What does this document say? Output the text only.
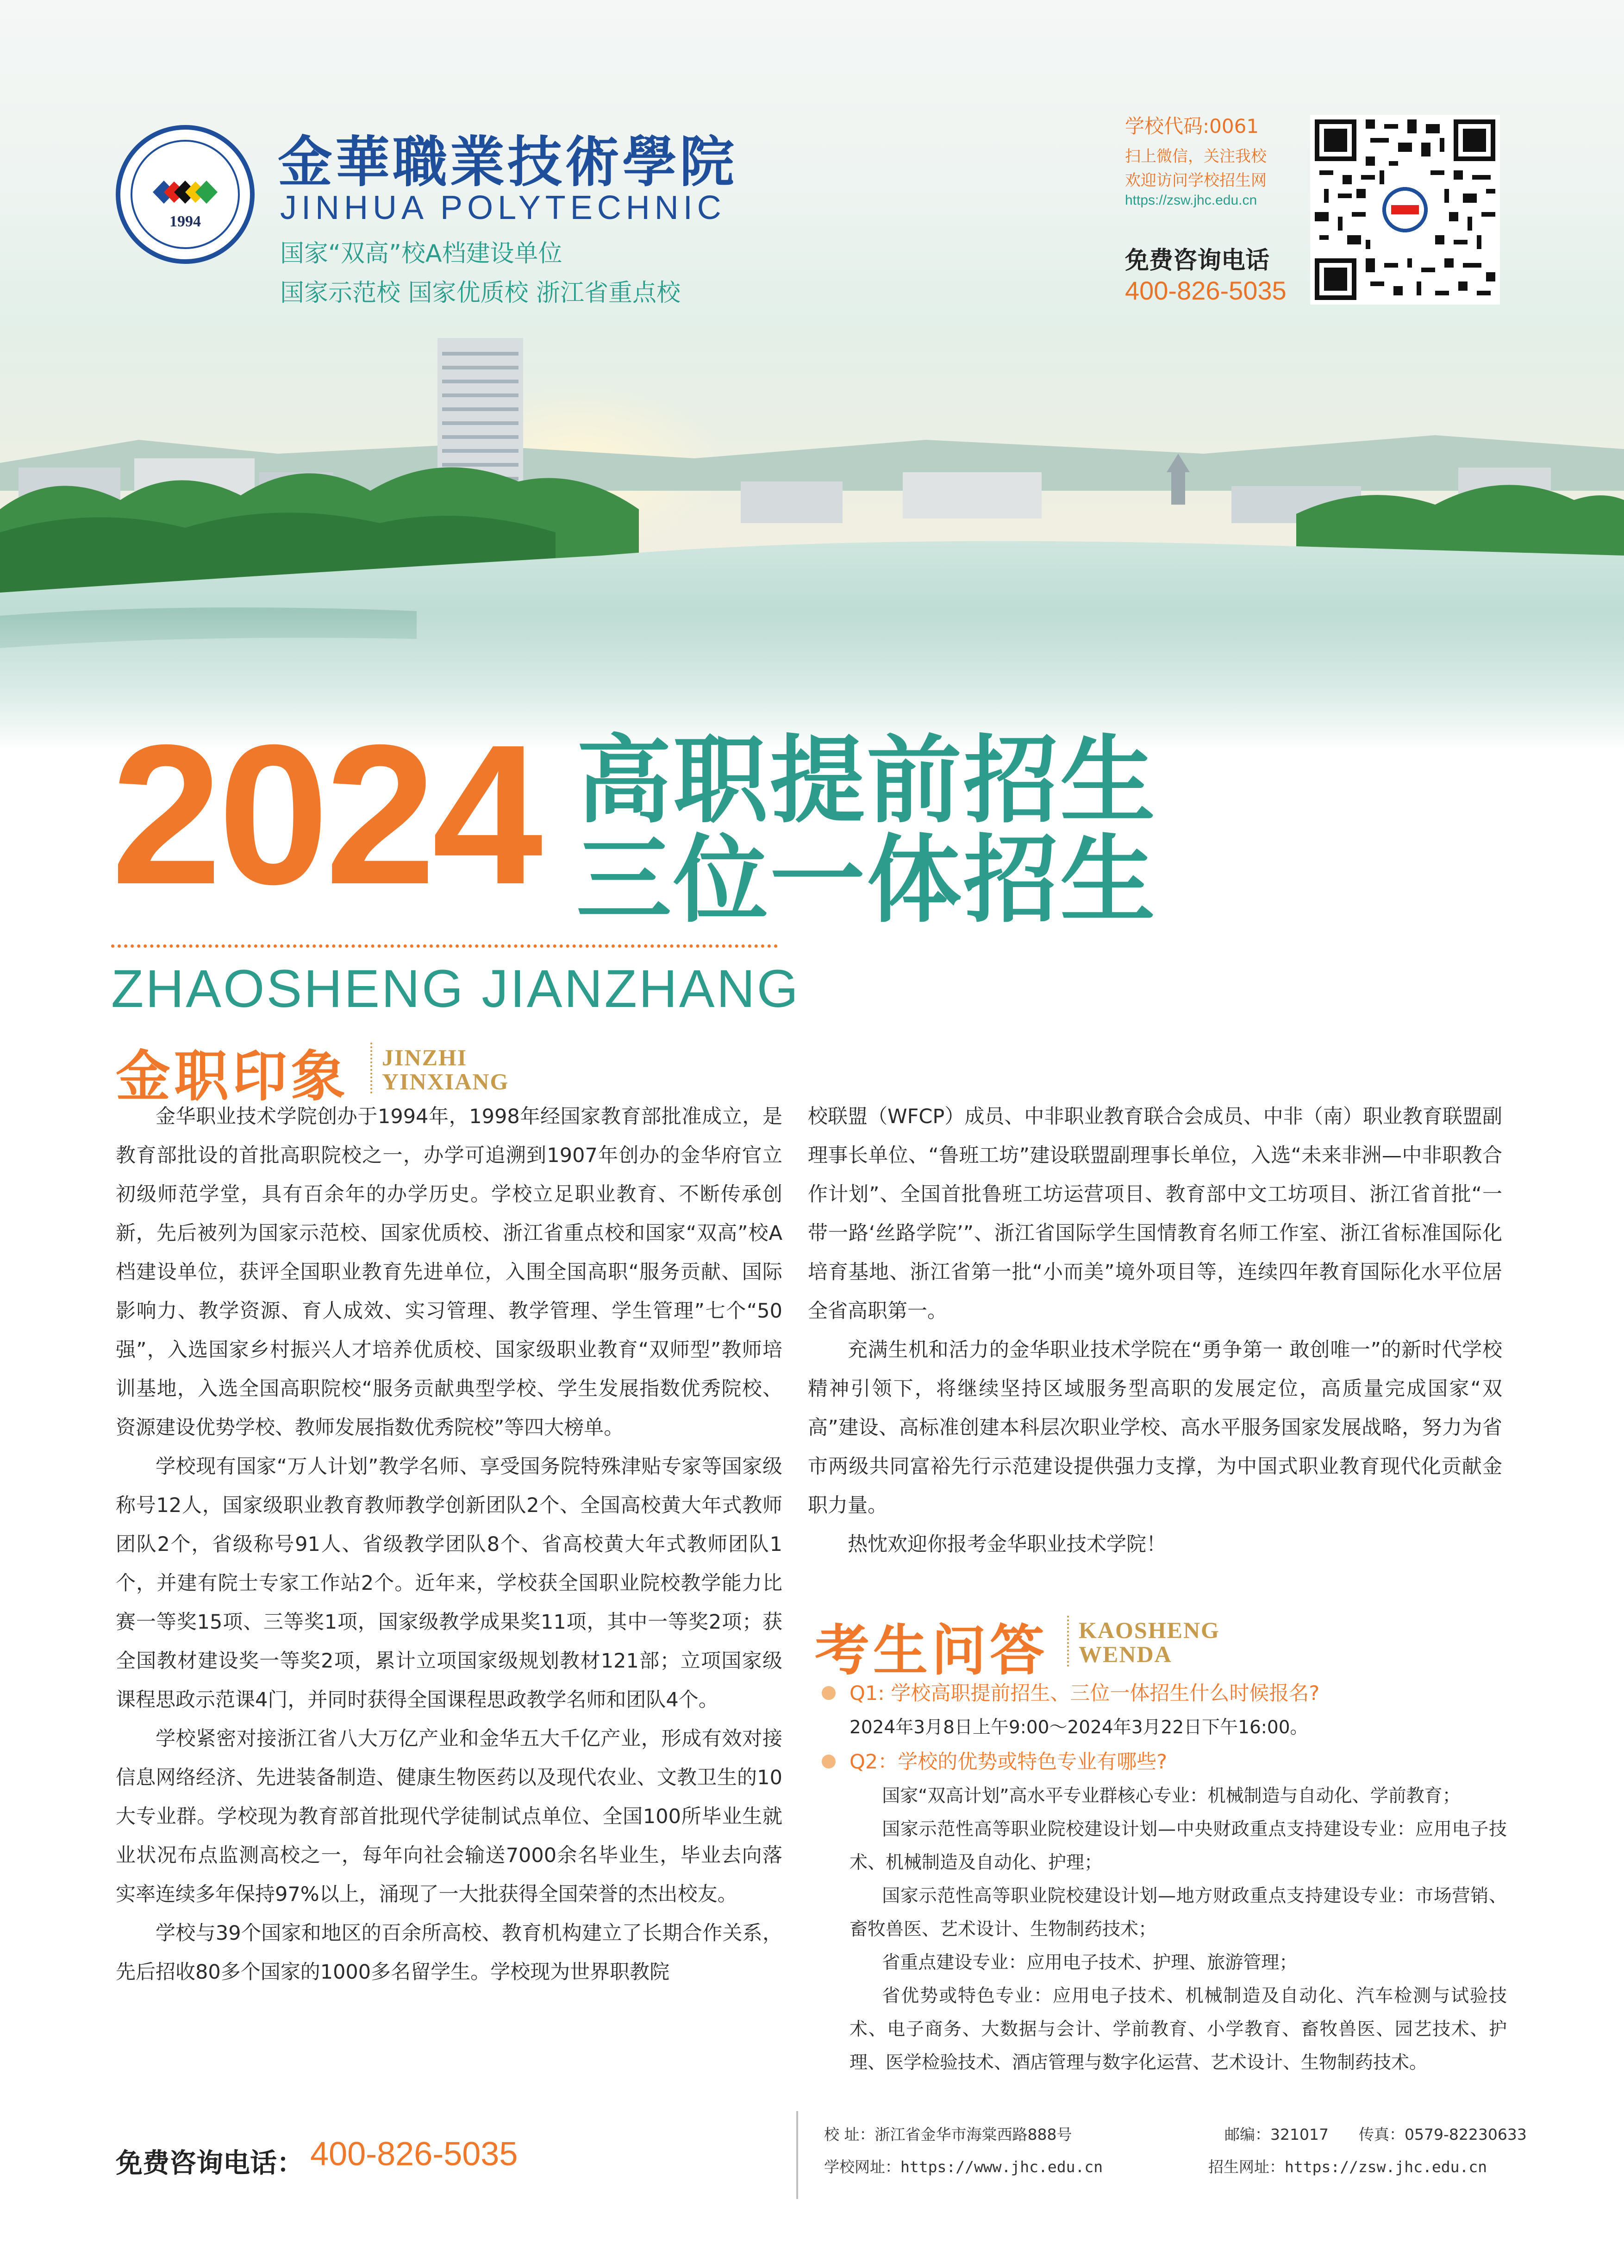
1994
金華職業技術學院
JINHUA POLYTECHNIC
国家“双高”校A档建设单位
国家示范校 国家优质校 浙江省重点校
学校代码:0061
扫上微信，关注我校
欢迎访问学校招生网
https://zsw.jhc.edu.cn
免费咨询电话
400-826-5035
2024 高职提前招生
三位一体招生
ZHAOSHENG JIANZHANG
金职印象 JINZHI
YINXIANG

金华职业技术学院创办于1994年，1998年经国家教育部批准成立，是教育部批设的首批高职院校之一，办学可追溯到1907年创办的金华府官立初级师范学堂，具有百余年的办学历史。学校立足职业教育、不断传承创新，先后被列为国家示范校、国家优质校、浙江省重点校和国家“双高”校A档建设单位，获评全国职业教育先进单位，入围全国高职“服务贡献、国际影响力、教学资源、育人成效、实习管理、教学管理、学生管理”七个“50强”，入选国家乡村振兴人才培养优质校、国家级职业教育“双师型”教师培训基地，入选全国高职院校“服务贡献典型学校、学生发展指数优秀院校、资源建设优势学校、教师发展指数优秀院校”等四大榜单。

学校现有国家“万人计划”教学名师、享受国务院特殊津贴专家等国家级称号12人，国家级职业教育教师教学创新团队2个、全国高校黄大年式教师团队2个，省级称号91人、省级教学团队8个、省高校黄大年式教师团队1个，并建有院士专家工作站2个。近年来，学校获全国职业院校教学能力比赛一等奖15项、三等奖1项，国家级教学成果奖11项，其中一等奖2项；获全国教材建设奖一等奖2项，累计立项国家级规划教材121部；立项国家级课程思政示范课4门，并同时获得全国课程思政教学名师和团队4个。

学校紧密对接浙江省八大万亿产业和金华五大千亿产业，形成有效对接信息网络经济、先进装备制造、健康生物医药以及现代农业、文教卫生的10大专业群。学校现为教育部首批现代学徒制试点单位、全国100所毕业生就业状况布点监测高校之一，每年向社会输送7000余名毕业生，毕业去向落实率连续多年保持97%以上，涌现了一大批获得全国荣誉的杰出校友。

学校与39个国家和地区的百余所高校、教育机构建立了长期合作关系，先后招收80多个国家的1000多名留学生。学校现为世界职教院

校联盟（WFCP）成员、中非职业教育联合会成员、中非（南）职业教育联盟副理事长单位、“鲁班工坊”建设联盟副理事长单位，入选“未来非洲—中非职教合作计划”、全国首批鲁班工坊运营项目、教育部中文工坊项目、浙江省首批“一带一路‘丝路学院’”、浙江省国际学生国情教育名师工作室、浙江省标准国际化培育基地、浙江省第一批“小而美”境外项目等，连续四年教育国际化水平位居全省高职第一。

充满生机和活力的金华职业技术学院在“勇争第一 敢创唯一”的新时代学校精神引领下，将继续坚持区域服务型高职的发展定位，高质量完成国家“双高”建设、高标准创建本科层次职业学校、高水平服务国家发展战略，努力为省市两级共同富裕先行示范建设提供强力支撑，为中国式职业教育现代化贡献金职力量。

热忱欢迎你报考金华职业技术学院！

考生问答 KAOSHENG
WENDA
Q1: 学校高职提前招生、三位一体招生什么时候报名?
2024年3月8日上午9:00～2024年3月22日下午16:00。
Q2：学校的优势或特色专业有哪些?

国家“双高计划”高水平专业群核心专业：机械制造与自动化、学前教育；

国家示范性高等职业院校建设计划—中央财政重点支持建设专业：应用电子技术、机械制造及自动化、护理；

国家示范性高等职业院校建设计划—地方财政重点支持建设专业：市场营销、畜牧兽医、艺术设计、生物制药技术；

省重点建设专业：应用电子技术、护理、旅游管理；

省优势或特色专业：应用电子技术、机械制造及自动化、汽车检测与试验技术、电子商务、大数据与会计、学前教育、小学教育、畜牧兽医、园艺技术、护理、医学检验技术、酒店管理与数字化运营、艺术设计、生物制药技术。

免费咨询电话： 400-826-5035
校 址：浙江省金华市海棠西路888号	邮编：321017 传真：0579-82230633
学校网址：https://www.jhc.edu.cn	招生网址：https://zsw.jhc.edu.cn
